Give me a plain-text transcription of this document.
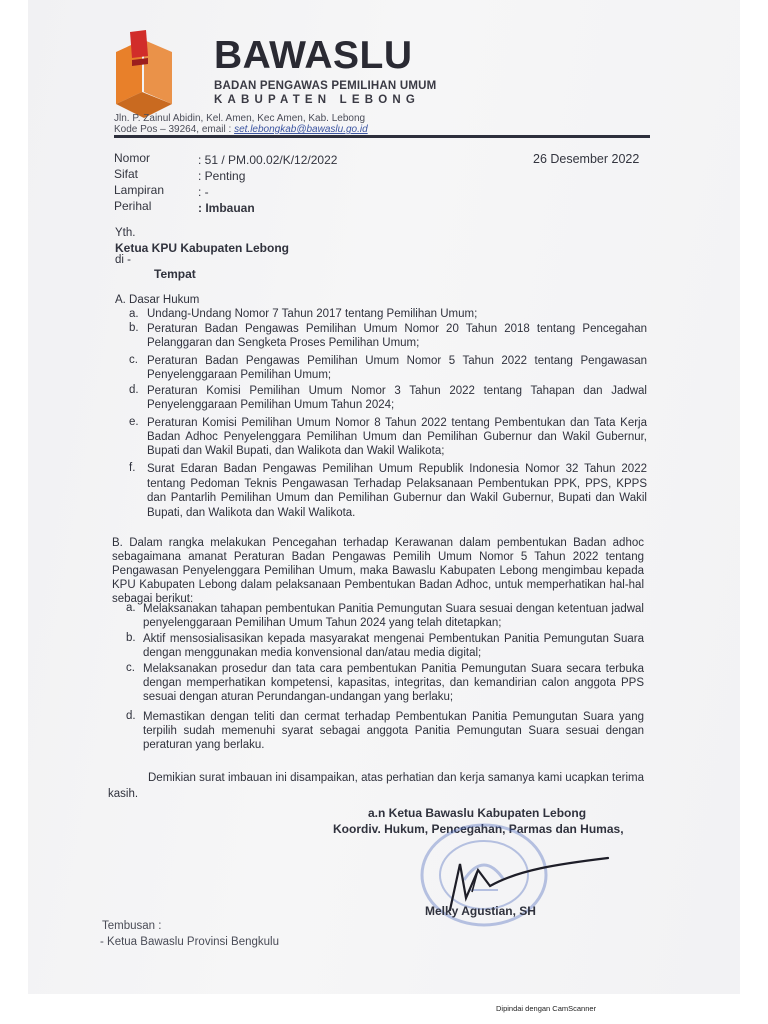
BAWASLU
BADAN PENGAWAS PEMILIHAN UMUM
KABUPATEN LEBONG
Jln. P. Zainul Abidin, Kel. Amen, Kec Amen, Kab. Lebong
Kode Pos – 39264, email : set.lebongkab@bawaslu.go.id
Nomor	: 51 / PM.00.02/K/12/2022	26 Desember 2022
Sifat	: Penting
Lampiran	: -
Perihal	: Imbauan
Yth.
Ketua KPU Kabupaten Lebong
di -
Tempat
A. Dasar Hukum
a. Undang-Undang Nomor 7 Tahun 2017 tentang Pemilihan Umum;
b. Peraturan Badan Pengawas Pemilihan Umum Nomor 20 Tahun 2018 tentang Pencegahan Pelanggaran dan Sengketa Proses Pemilihan Umum;
c. Peraturan Badan Pengawas Pemilihan Umum Nomor 5 Tahun 2022 tentang Pengawasan Penyelenggaraan Pemilihan Umum;
d. Peraturan Komisi Pemilihan Umum Nomor 3 Tahun 2022 tentang Tahapan dan Jadwal Penyelenggaraan Pemilihan Umum Tahun 2024;
e. Peraturan Komisi Pemilihan Umum Nomor 8 Tahun 2022 tentang Pembentukan dan Tata Kerja Badan Adhoc Penyelenggara Pemilihan Umum dan Pemilihan Gubernur dan Wakil Gubernur, Bupati dan Wakil Bupati, dan Walikota dan Wakil Walikota;
f. Surat Edaran Badan Pengawas Pemilihan Umum Republik Indonesia Nomor 32 Tahun 2022 tentang Pedoman Teknis Pengawasan Terhadap Pelaksanaan Pembentukan PPK, PPS, KPPS dan Pantarlih Pemilihan Umum dan Pemilihan Gubernur dan Wakil Gubernur, Bupati dan Wakil Bupati, dan Walikota dan Wakil Walikota.
B. Dalam rangka melakukan Pencegahan terhadap Kerawanan dalam pembentukan Badan adhoc sebagaimana amanat Peraturan Badan Pengawas Pemilih Umum Nomor 5 Tahun 2022 tentang Pengawasan Penyelenggara Pemilihan Umum, maka Bawaslu Kabupaten Lebong mengimbau kepada KPU Kabupaten Lebong dalam pelaksanaan Pembentukan Badan Adhoc, untuk memperhatikan hal-hal sebagai berikut:
a. Melaksanakan tahapan pembentukan Panitia Pemungutan Suara sesuai dengan ketentuan jadwal penyelenggaraan Pemilihan Umum Tahun 2024 yang telah ditetapkan;
b. Aktif mensosialisasikan kepada masyarakat mengenai Pembentukan Panitia Pemungutan Suara dengan menggunakan media konvensional dan/atau media digital;
c. Melaksanakan prosedur dan tata cara pembentukan Panitia Pemungutan Suara secara terbuka dengan memperhatikan kompetensi, kapasitas, integritas, dan kemandirian calon anggota PPS sesuai dengan aturan Perundangan-undangan yang berlaku;
d. Memastikan dengan teliti dan cermat terhadap Pembentukan Panitia Pemungutan Suara yang terpilih sudah memenuhi syarat sebagai anggota Panitia Pemungutan Suara sesuai dengan peraturan yang berlaku.
Demikian surat imbauan ini disampaikan, atas perhatian dan kerja samanya kami ucapkan terima kasih.
a.n Ketua Bawaslu Kabupaten Lebong
Koordiv. Hukum, Pencegahan, Parmas dan Humas,
Melky Agustian, SH
Tembusan :
- Ketua Bawaslu Provinsi Bengkulu
Dipindai dengan CamScanner
